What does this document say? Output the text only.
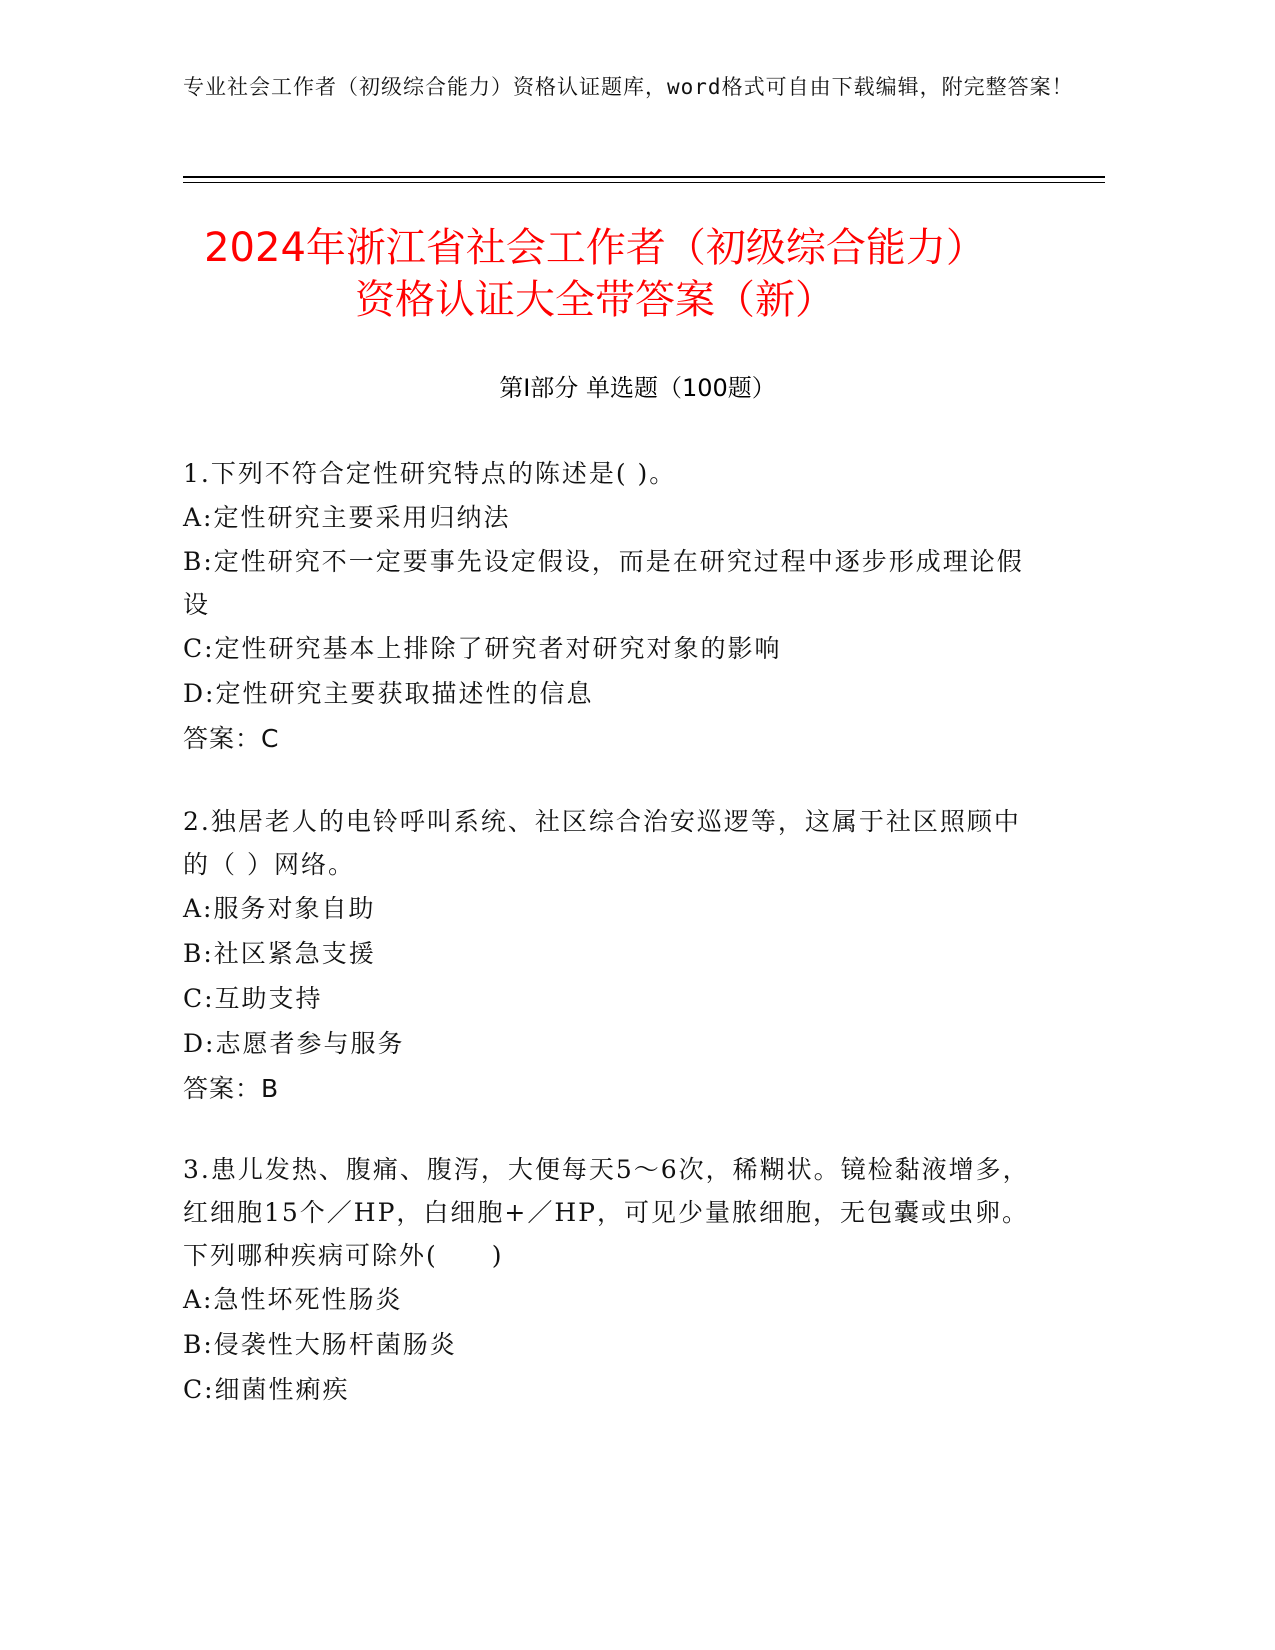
专业社会工作者（初级综合能力）资格认证题库，word格式可自由下载编辑，附完整答案！
2024年浙江省社会工作者（初级综合能力）
资格认证大全带答案（新）
第I部分 单选题（100题）

1.下列不符合定性研究特点的陈述是( )。

A:定性研究主要采用归纳法

B:定性研究不一定要事先设定假设，而是在研究过程中逐步形成理论假设

C:定性研究基本上排除了研究者对研究对象的影响

D:定性研究主要获取描述性的信息

答案：C

2.独居老人的电铃呼叫系统、社区综合治安巡逻等，这属于社区照顾中的（ ）网络。

A:服务对象自助

B:社区紧急支援

C:互助支持

D:志愿者参与服务

答案：B

3.患儿发热、腹痛、腹泻，大便每天5～6次，稀糊状。镜检黏液增多，红细胞15个／HP，白细胞+／HP，可见少量脓细胞，无包囊或虫卵。下列哪种疾病可除外(　　)

A:急性坏死性肠炎

B:侵袭性大肠杆菌肠炎

C:细菌性痢疾
